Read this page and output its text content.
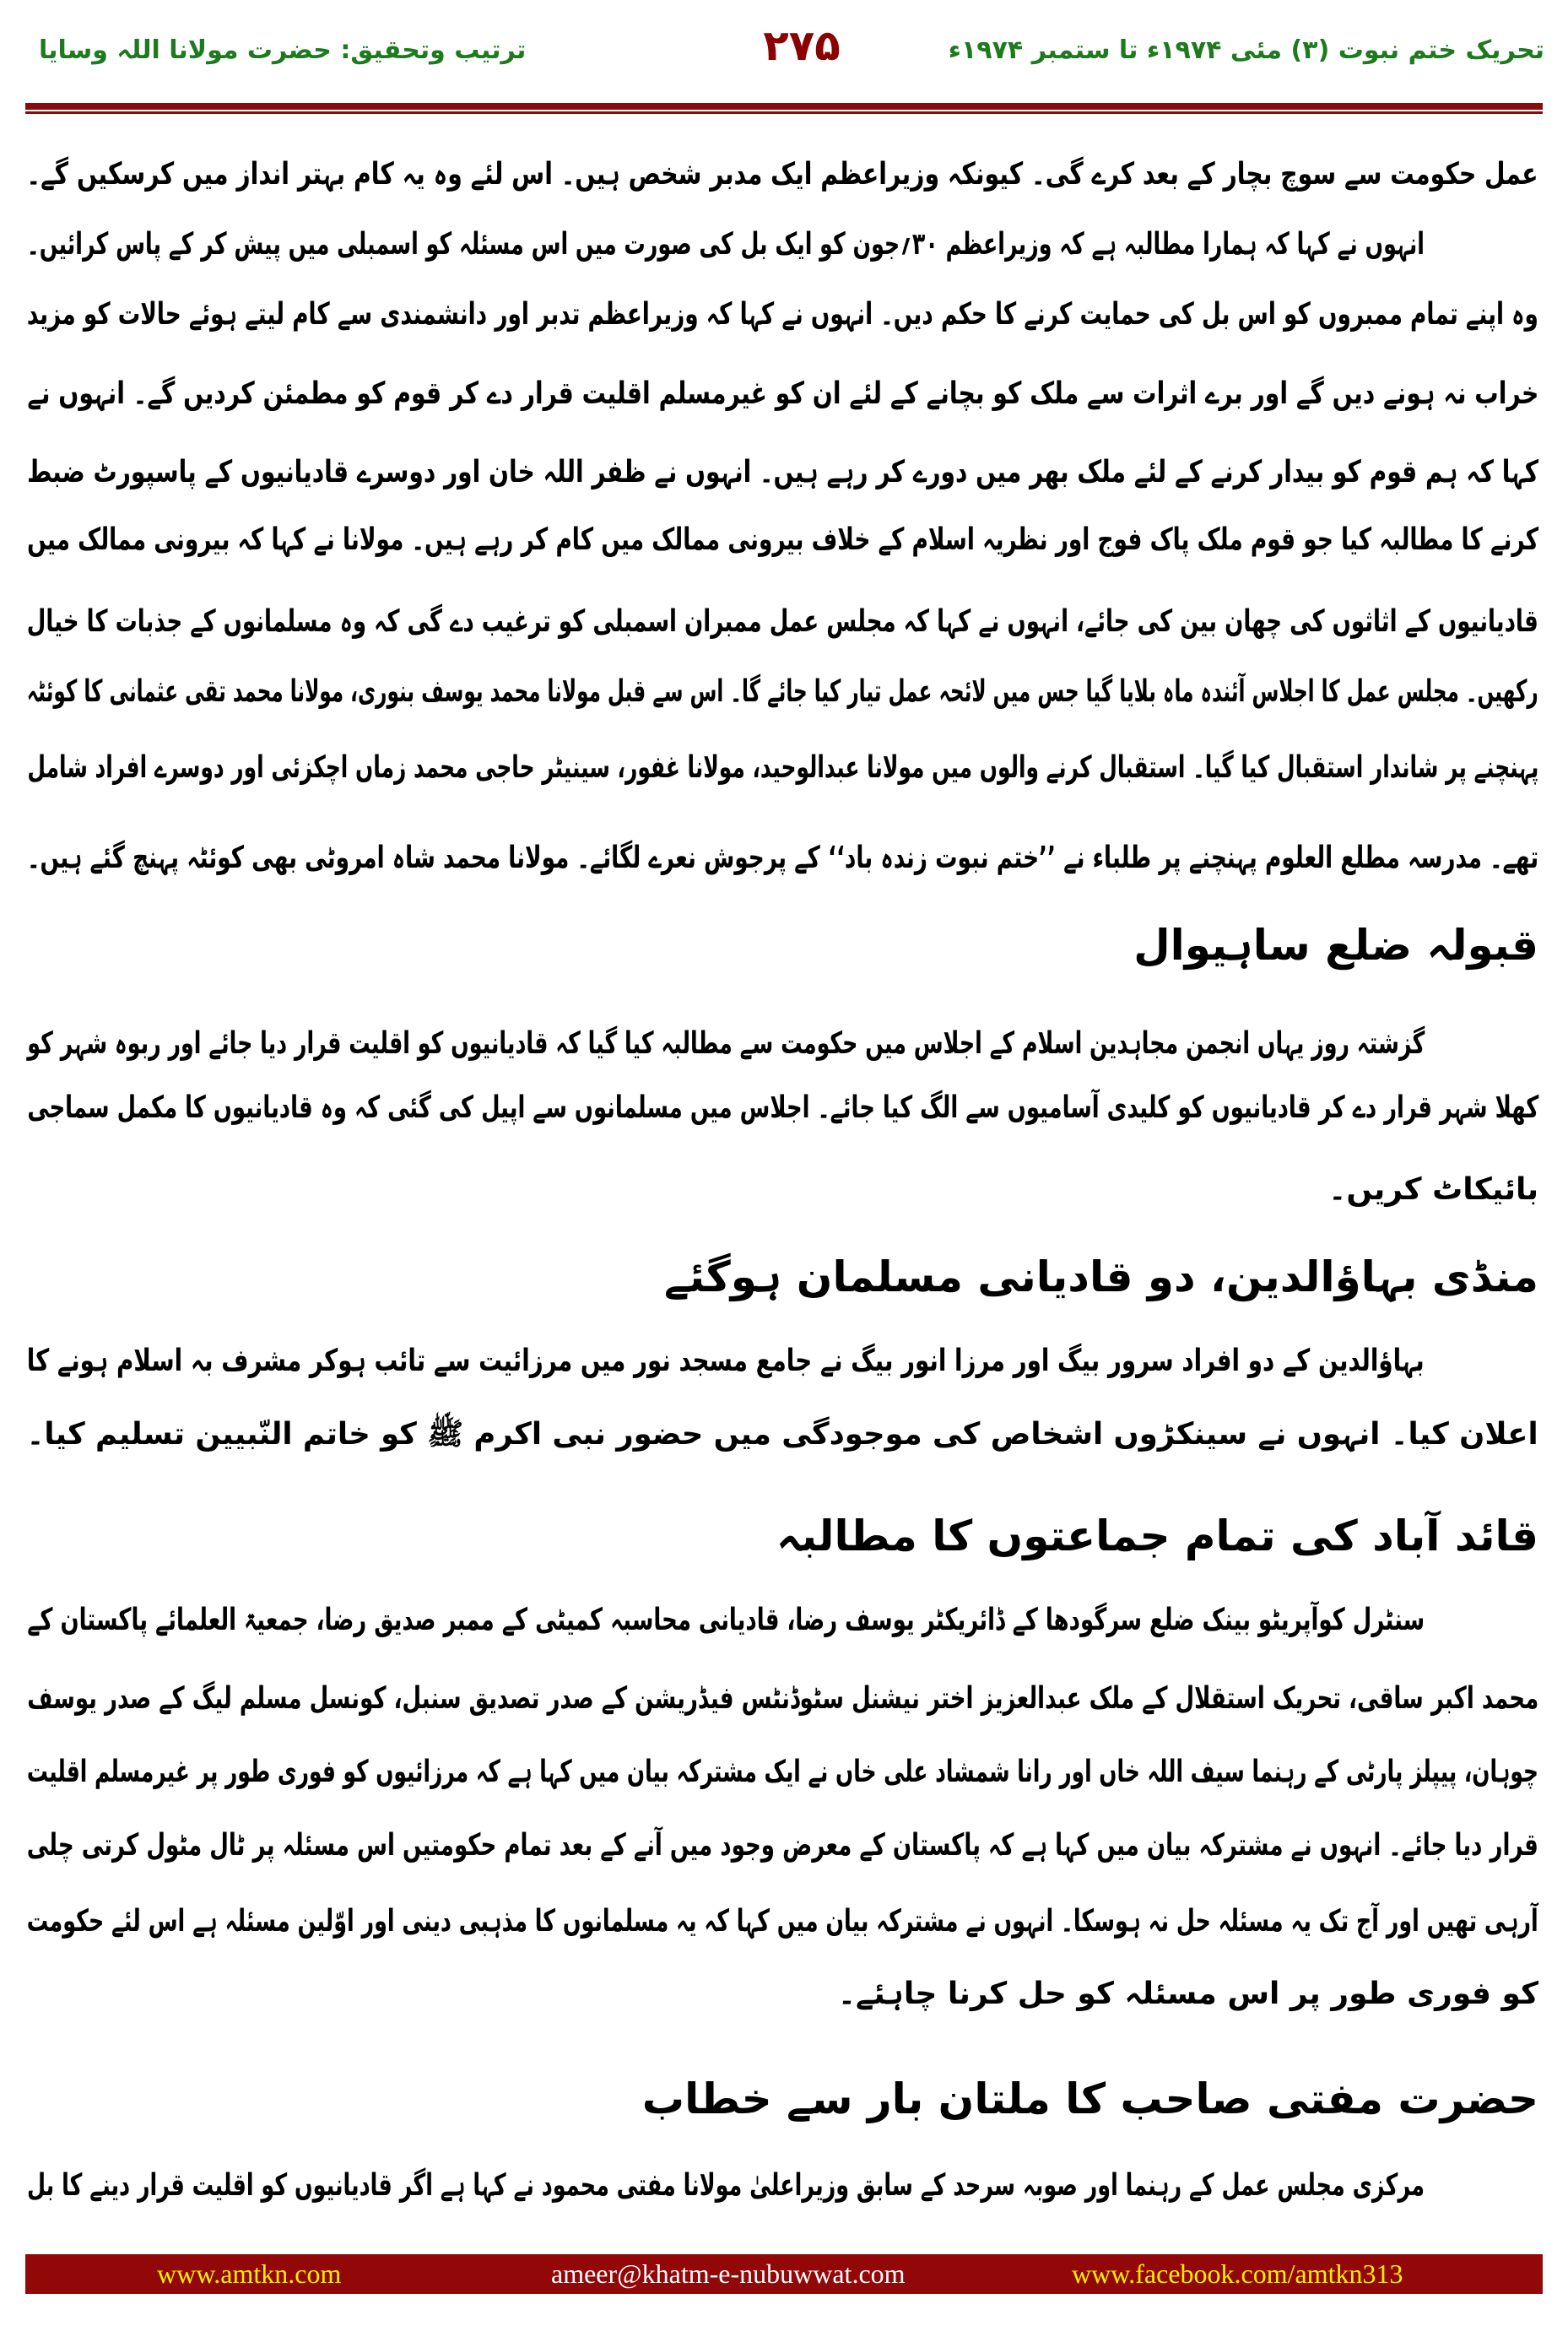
تحریک ختم نبوت (۳) مئی ۱۹۷۴ء تا ستمبر ۱۹۷۴ء
۲۷۵
ترتیب وتحقیق: حضرت مولانا اللہ وسایا
عمل حکومت سے سوچ بچار کے بعد کرے گی۔ کیونکہ وزیراعظم ایک مدبر شخص ہیں۔ اس لئے وہ یہ کام بہتر انداز میں کرسکیں گے۔
انہوں نے کہا کہ ہمارا مطالبہ ہے کہ وزیراعظم ۳۰؍جون کو ایک بل کی صورت میں اس مسئلہ کو اسمبلی میں پیش کر کے پاس کرائیں۔
وہ اپنے تمام ممبروں کو اس بل کی حمایت کرنے کا حکم دیں۔ انہوں نے کہا کہ وزیراعظم تدبر اور دانشمندی سے کام لیتے ہوئے حالات کو مزید
خراب نہ ہونے دیں گے اور برے اثرات سے ملک کو بچانے کے لئے ان کو غیرمسلم اقلیت قرار دے کر قوم کو مطمئن کردیں گے۔ انہوں نے
کہا کہ ہم قوم کو بیدار کرنے کے لئے ملک بھر میں دورے کر رہے ہیں۔ انہوں نے ظفر اللہ خان اور دوسرے قادیانیوں کے پاسپورٹ ضبط
کرنے کا مطالبہ کیا جو قوم ملک پاک فوج اور نظریہ اسلام کے خلاف بیرونی ممالک میں کام کر رہے ہیں۔ مولانا نے کہا کہ بیرونی ممالک میں
قادیانیوں کے اثاثوں کی چھان بین کی جائے، انہوں نے کہا کہ مجلس عمل ممبران اسمبلی کو ترغیب دے گی کہ وہ مسلمانوں کے جذبات کا خیال
رکھیں۔ مجلس عمل کا اجلاس آئندہ ماہ بلایا گیا جس میں لائحہ عمل تیار کیا جائے گا۔ اس سے قبل مولانا محمد یوسف بنوری، مولانا محمد تقی عثمانی کا کوئٹہ
پہنچنے پر شاندار استقبال کیا گیا۔ استقبال کرنے والوں میں مولانا عبدالوحید، مولانا غفور، سینیٹر حاجی محمد زماں اچکزئی اور دوسرے افراد شامل
تھے۔ مدرسہ مطلع العلوم پہنچنے پر طلباء نے ’’ختم نبوت زندہ باد‘‘ کے پرجوش نعرے لگائے۔ مولانا محمد شاہ امروٹی بھی کوئٹہ پہنچ گئے ہیں۔
قبولہ ضلع ساہیوال
گزشتہ روز یہاں انجمن مجاہدین اسلام کے اجلاس میں حکومت سے مطالبہ کیا گیا کہ قادیانیوں کو اقلیت قرار دیا جائے اور ربوہ شہر کو
کھلا شہر قرار دے کر قادیانیوں کو کلیدی آسامیوں سے الگ کیا جائے۔ اجلاس میں مسلمانوں سے اپیل کی گئی کہ وہ قادیانیوں کا مکمل سماجی
بائیکاٹ کریں۔
منڈی بہاؤالدین، دو قادیانی مسلمان ہوگئے
بہاؤالدین کے دو افراد سرور بیگ اور مرزا انور بیگ نے جامع مسجد نور میں مرزائیت سے تائب ہوکر مشرف بہ اسلام ہونے کا
اعلان کیا۔ انہوں نے سینکڑوں اشخاص کی موجودگی میں حضور نبی اکرم ﷺ کو خاتم النّبیین تسلیم کیا۔
قائد آباد کی تمام جماعتوں کا مطالبہ
سنٹرل کوآپریٹو بینک ضلع سرگودھا کے ڈائریکٹر یوسف رضا، قادیانی محاسبہ کمیٹی کے ممبر صدیق رضا، جمعیۃ العلمائے پاکستان کے
محمد اکبر ساقی، تحریک استقلال کے ملک عبدالعزیز اختر نیشنل سٹوڈنٹس فیڈریشن کے صدر تصدیق سنبل، کونسل مسلم لیگ کے صدر یوسف
چوہان، پیپلز پارٹی کے رہنما سیف اللہ خاں اور رانا شمشاد علی خاں نے ایک مشترکہ بیان میں کہا ہے کہ مرزائیوں کو فوری طور پر غیرمسلم اقلیت
قرار دیا جائے۔ انہوں نے مشترکہ بیان میں کہا ہے کہ پاکستان کے معرض وجود میں آنے کے بعد تمام حکومتیں اس مسئلہ پر ٹال مٹول کرتی چلی
آرہی تھیں اور آج تک یہ مسئلہ حل نہ ہوسکا۔ انہوں نے مشترکہ بیان میں کہا کہ یہ مسلمانوں کا مذہبی دینی اور اوّلین مسئلہ ہے اس لئے حکومت
کو فوری طور پر اس مسئلہ کو حل کرنا چاہئے۔
حضرت مفتی صاحب کا ملتان بار سے خطاب
مرکزی مجلس عمل کے رہنما اور صوبہ سرحد کے سابق وزیراعلیٰ مولانا مفتی محمود نے کہا ہے اگر قادیانیوں کو اقلیت قرار دینے کا بل
www.amtkn.com	ameer@khatm-e-nubuwwat.com	www.facebook.com/amtkn313
